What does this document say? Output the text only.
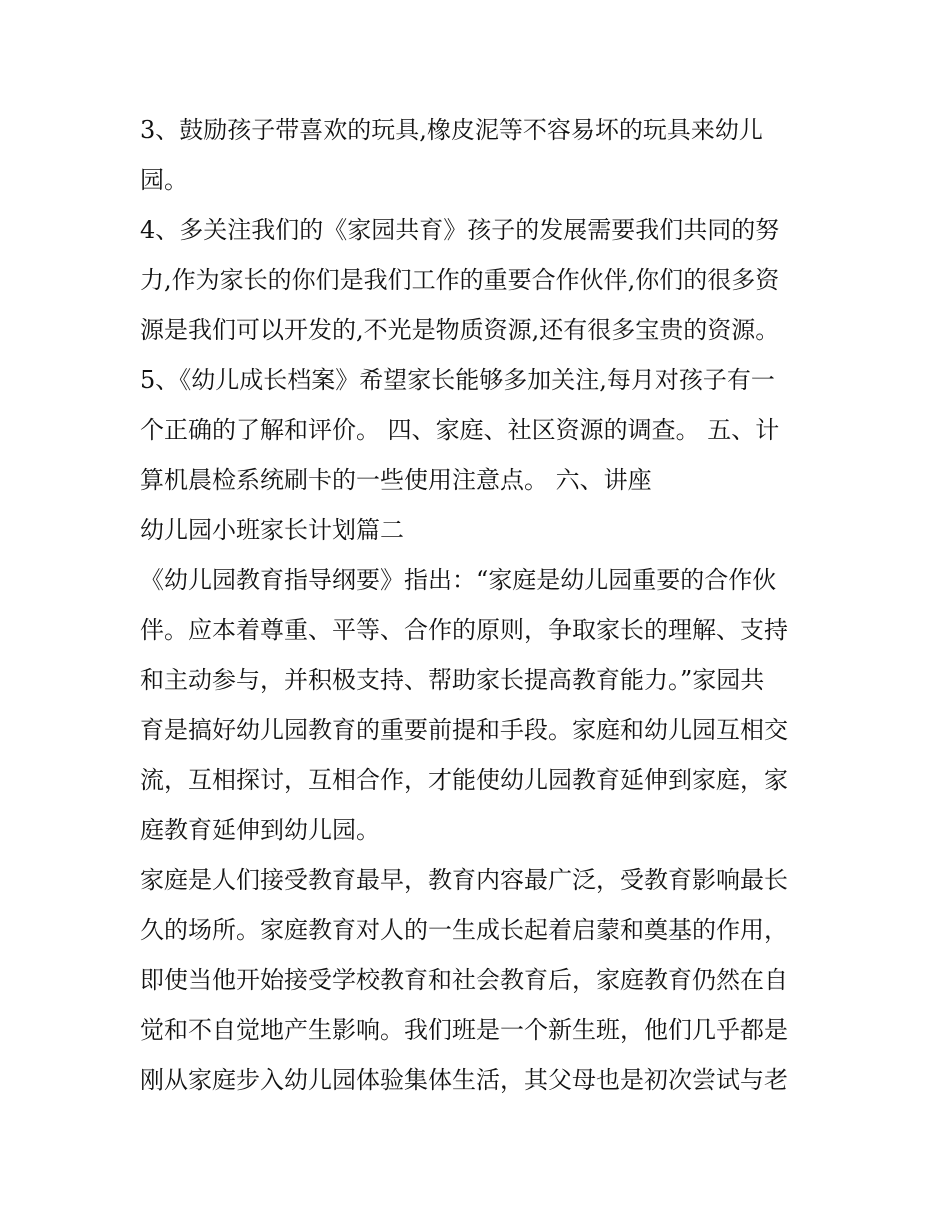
3、鼓励孩子带喜欢的玩具,橡皮泥等不容易坏的玩具来幼儿

园。

4、多关注我们的《家园共育》孩子的发展需要我们共同的努

力,作为家长的你们是我们工作的重要合作伙伴,你们的很多资

源是我们可以开发的,不光是物质资源,还有很多宝贵的资源。

5、《幼儿成长档案》希望家长能够多加关注,每月对孩子有一

个正确的了解和评价。 四、家庭、社区资源的调查。 五、计

算机晨检系统刷卡的一些使用注意点。 六、讲座

幼儿园小班家长计划篇二

《幼儿园教育指导纲要》指出：“家庭是幼儿园重要的合作伙

伴。应本着尊重、平等、合作的原则，争取家长的理解、支持

和主动参与，并积极支持、帮助家长提高教育能力。”家园共

育是搞好幼儿园教育的重要前提和手段。家庭和幼儿园互相交

流，互相探讨，互相合作，才能使幼儿园教育延伸到家庭，家

庭教育延伸到幼儿园。

家庭是人们接受教育最早，教育内容最广泛，受教育影响最长

久的场所。家庭教育对人的一生成长起着启蒙和奠基的作用，

即使当他开始接受学校教育和社会教育后，家庭教育仍然在自

觉和不自觉地产生影响。我们班是一个新生班，他们几乎都是

刚从家庭步入幼儿园体验集体生活，其父母也是初次尝试与老
